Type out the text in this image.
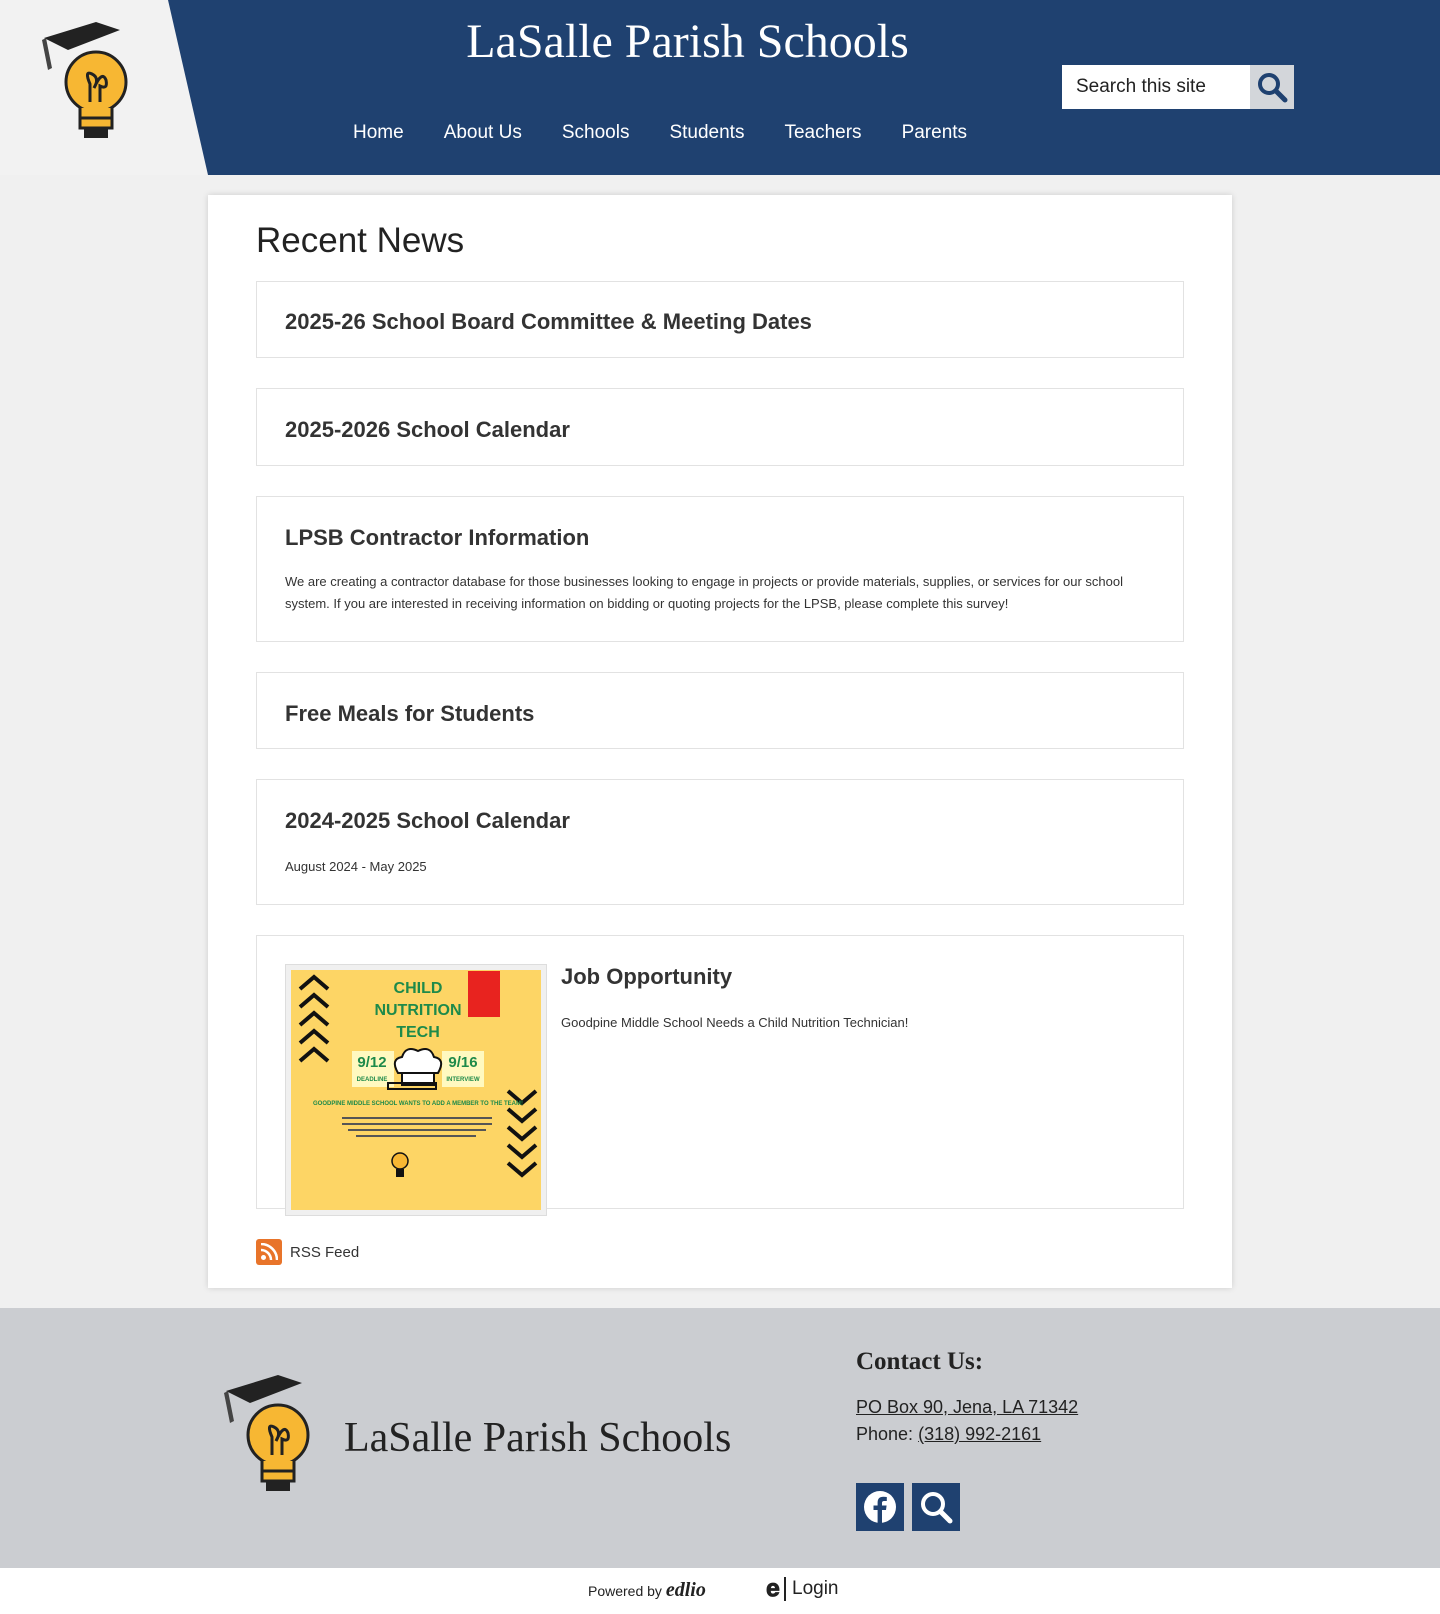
LaSalle Parish Schools
Home About Us Schools Students Teachers Parents
Search this site
Recent News
2025-26 School Board Committee & Meeting Dates
2025-2026 School Calendar
LPSB Contractor Information
We are creating a contractor database for those businesses looking to engage in projects or provide materials, supplies, or services for our school system. If you are interested in receiving information on bidding or quoting projects for the LPSB, please complete this survey!
Free Meals for Students
2024-2025 School Calendar
August 2024 - May 2025
CHILD
NUTRITION
TECH
9/12
DEADLINE
9/16
INTERVIEW
GOODPINE MIDDLE SCHOOL WANTS TO ADD A MEMBER TO THE TEAM!
Job Opportunity
Goodpine Middle School Needs a Child Nutrition Technician!
RSS Feed
LaSalle Parish Schools
Contact Us:

PO Box 90, Jena, LA 71342

Phone: (318) 992-2161

Powered by edlio	𝐞 Login
